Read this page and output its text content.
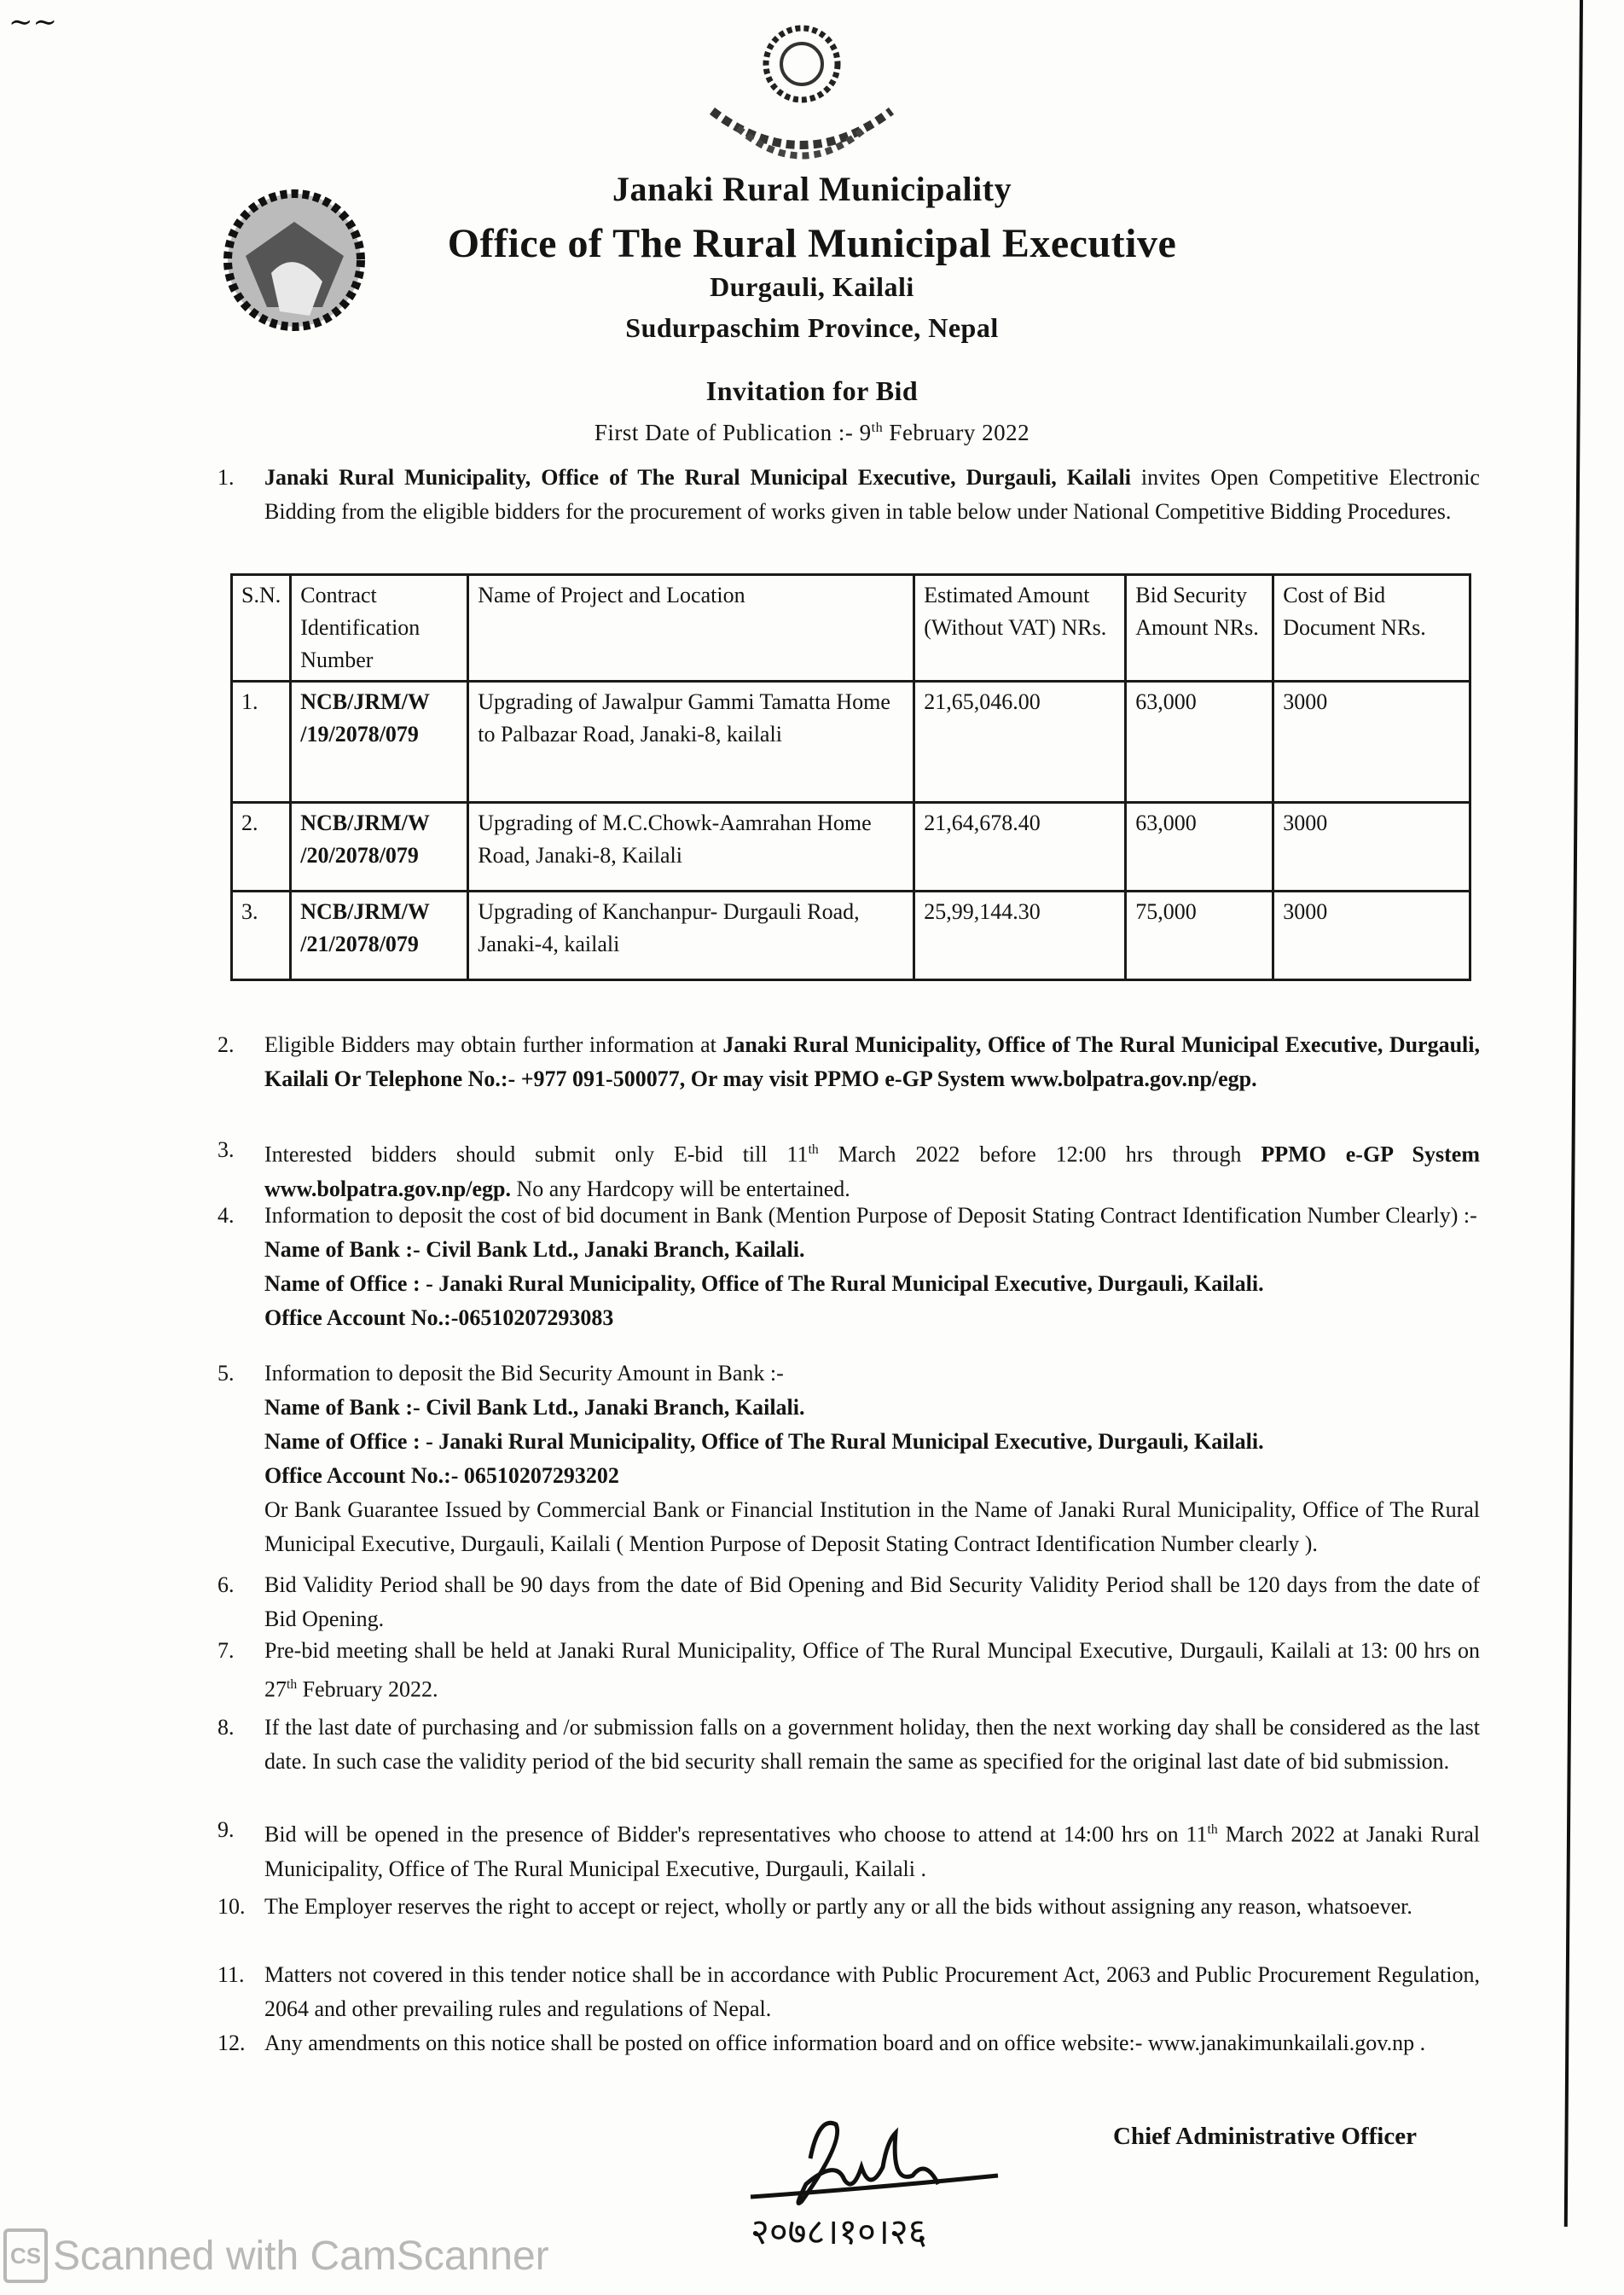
∼∼
Janaki Rural Municipality
Office of The Rural Municipal Executive
Durgauli, Kailali
Sudurpaschim Province, Nepal
Invitation for Bid
First Date of Publication :- 9th February 2022
1. Janaki Rural Municipality, Office of The Rural Municipal Executive, Durgauli, Kailali invites Open Competitive Electronic Bidding from the eligible bidders for the procurement of works given in table below under National Competitive Bidding Procedures.
S.N.	Contract Identification Number	Name of Project and Location	Estimated Amount (Without VAT) NRs.	Bid Security Amount NRs.	Cost of Bid Document NRs.
1.	NCB/JRM/W /19/2078/079	Upgrading of Jawalpur Gammi Tamatta Home to Palbazar Road, Janaki-8, kailali	21,65,046.00	63,000	3000
2.	NCB/JRM/W /20/2078/079	Upgrading of M.C.Chowk-Aamrahan Home Road, Janaki-8, Kailali	21,64,678.40	63,000	3000
3.	NCB/JRM/W /21/2078/079	Upgrading of Kanchanpur- Durgauli Road, Janaki-4, kailali	25,99,144.30	75,000	3000
2. Eligible Bidders may obtain further information at Janaki Rural Municipality, Office of The Rural Municipal Executive, Durgauli, Kailali Or Telephone No.:- +977 091-500077, Or may visit PPMO e-GP System www.bolpatra.gov.np/egp.
3. Interested bidders should submit only E-bid till 11th March 2022 before 12:00 hrs through PPMO e-GP System www.bolpatra.gov.np/egp. No any Hardcopy will be entertained.
4. Information to deposit the cost of bid document in Bank (Mention Purpose of Deposit Stating Contract Identification Number Clearly) :-
Name of Bank :- Civil Bank Ltd., Janaki Branch, Kailali.
Name of Office : - Janaki Rural Municipality, Office of The Rural Municipal Executive, Durgauli, Kailali.
Office Account No.:-06510207293083
5. Information to deposit the Bid Security Amount in Bank :-
Name of Bank :- Civil Bank Ltd., Janaki Branch, Kailali.
Name of Office : - Janaki Rural Municipality, Office of The Rural Municipal Executive, Durgauli, Kailali.
Office Account No.:- 06510207293202
Or Bank Guarantee Issued by Commercial Bank or Financial Institution in the Name of Janaki Rural Municipality, Office of The Rural Municipal Executive, Durgauli, Kailali ( Mention Purpose of Deposit Stating Contract Identification Number clearly ).
6. Bid Validity Period shall be 90 days from the date of Bid Opening and Bid Security Validity Period shall be 120 days from the date of Bid Opening.
7. Pre-bid meeting shall be held at Janaki Rural Municipality, Office of The Rural Muncipal Executive, Durgauli, Kailali at 13: 00 hrs on 27th February 2022.
8. If the last date of purchasing and /or submission falls on a government holiday, then the next working day shall be considered as the last date. In such case the validity period of the bid security shall remain the same as specified for the original last date of bid submission.
9. Bid will be opened in the presence of Bidder's representatives who choose to attend at 14:00 hrs on 11th March 2022 at Janaki Rural Municipality, Office of The Rural Municipal Executive, Durgauli, Kailali .
10. The Employer reserves the right to accept or reject, wholly or partly any or all the bids without assigning any reason, whatsoever.
11. Matters not covered in this tender notice shall be in accordance with Public Procurement Act, 2063 and Public Procurement Regulation, 2064 and other prevailing rules and regulations of Nepal.
12. Any amendments on this notice shall be posted on office information board and on office website:- www.janakimunkailali.gov.np .
२०७८।१०।२६
Chief Administrative Officer
CS Scanned with CamScanner
